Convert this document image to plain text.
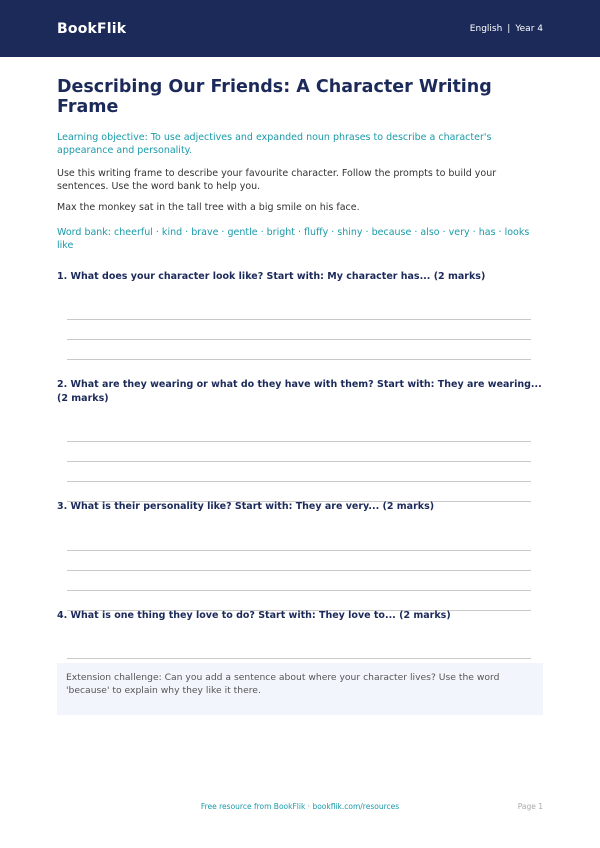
BookFlik	English | Year 4
Describing Our Friends: A Character Writing Frame
Learning objective: To use adjectives and expanded noun phrases to describe a character's appearance and personality.
Use this writing frame to describe your favourite character. Follow the prompts to build your sentences. Use the word bank to help you.
Max the monkey sat in the tall tree with a big smile on his face.
Word bank: cheerful · kind · brave · gentle · bright · fluffy · shiny · because · also · very · has · looks like
1. What does your character look like? Start with: My character has... (2 marks)
2. What are they wearing or what do they have with them? Start with: They are wearing... (2 marks)
3. What is their personality like? Start with: They are very... (2 marks)
4. What is one thing they love to do? Start with: They love to... (2 marks)
Extension challenge: Can you add a sentence about where your character lives? Use the word 'because' to explain why they like it there.
Free resource from BookFlik · bookflik.com/resources	Page 1
